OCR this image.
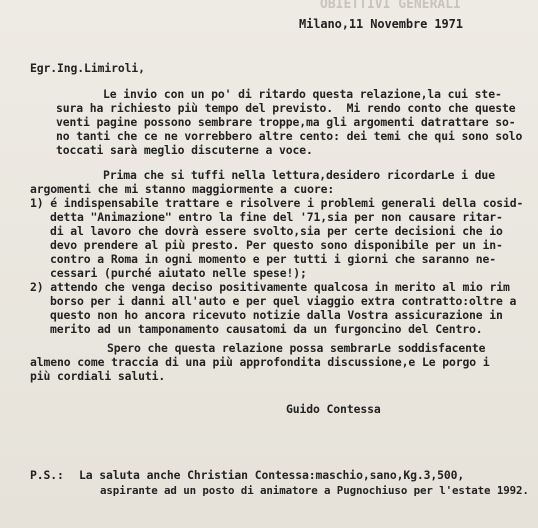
OBIETTIVI GENERALI

Milano,11 Novembre 1971
Egr.Ing.Limiroli,
Le invio con un po' di ritardo questa relazione,la cui ste-
sura ha richiesto più tempo del previsto.  Mi rendo conto che queste
venti pagine possono sembrare troppe,ma gli argomenti datrattare so-
no tanti che ce ne vorrebbero altre cento: dei temi che qui sono solo
toccati sarà meglio discuterne a voce.
Prima che si tuffi nella lettura,desidero ricordarLe i due
argomenti che mi stanno maggiormente a cuore:
1) é indispensabile trattare e risolvere i problemi generali della cosid-
detta "Animazione" entro la fine del '71,sia per non causare ritar-
di al lavoro che dovrà essere svolto,sia per certe decisioni che io
devo prendere al più presto. Per questo sono disponibile per un in-
contro a Roma in ogni momento e per tutti i giorni che saranno ne-
cessari (purché aiutato nelle spese!);
2) attendo che venga deciso positivamente qualcosa in merito al mio rim
borso per i danni all'auto e per quel viaggio extra contratto:oltre a
questo non ho ancora ricevuto notizie dalla Vostra assicurazione in
merito ad un tamponamento causatomi da un furgoncino del Centro.
Spero che questa relazione possa sembrarLe soddisfacente
almeno come traccia di una più approfondita discussione,e Le porgo i
più cordiali saluti.
Guido Contessa
P.S.: La saluta anche Christian Contessa:maschio,sano,Kg.3,500,
aspirante ad un posto di animatore a Pugnochiuso per l'estate 1992.
